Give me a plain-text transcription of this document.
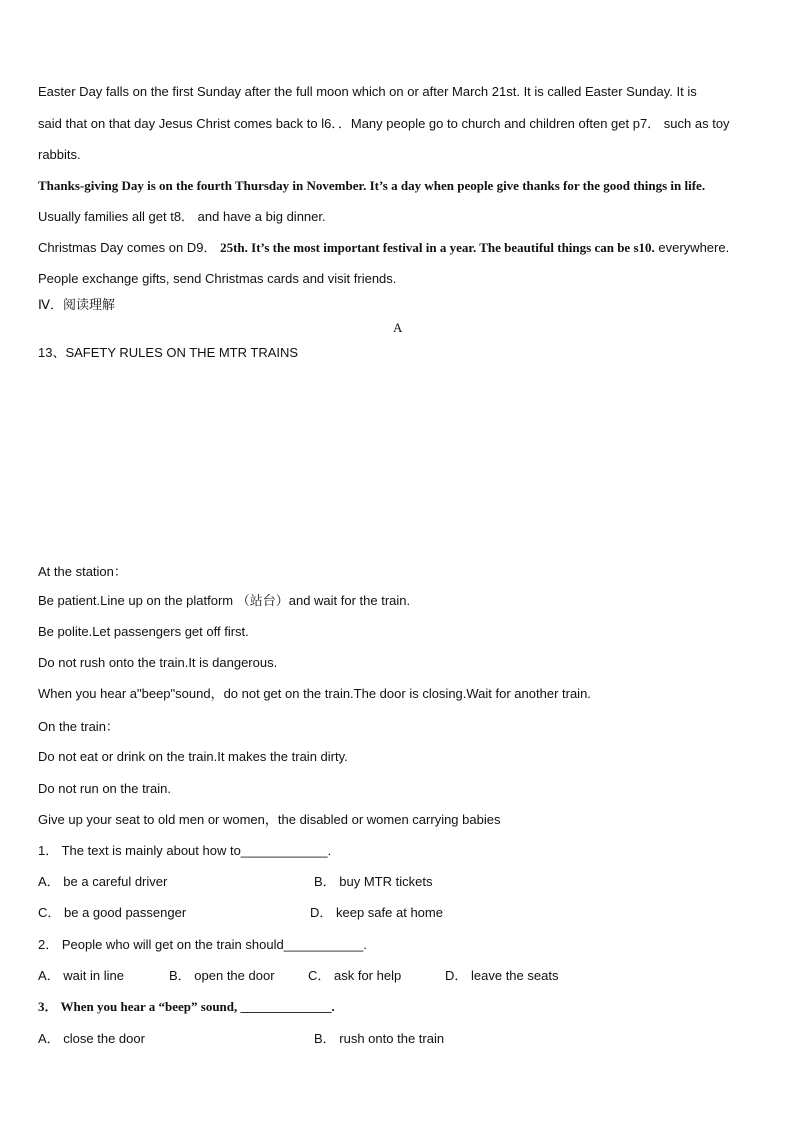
Easter Day falls on the first Sunday after the full moon which on or after March 21st. It is called Easter Sunday. It is
said that on that day Jesus Christ comes back to l6．．Many people go to church and children often get p7． such as toy
rabbits.
Thanks-giving Day is on the fourth Thursday in November. It’s a day when people give thanks for the good things in life.
Usually families all get t8． and have a big dinner.
Christmas Day comes on D9． 25th. It’s the most important festival in a year. The beautiful things can be s10. everywhere.
People exchange gifts, send Christmas cards and visit friends.
Ⅳ．阅读理解
A
13、SAFETY RULES ON THE MTR TRAINS
At the station：
Be patient.Line up on the platform （站台）and wait for the train.
Be polite.Let passengers get off first.
Do not rush onto the train.It is dangerous.
When you hear a"beep"sound，do not get on the train.The door is closing.Wait for another train.
On the train：
Do not eat or drink on the train.It makes the train dirty.
Do not run on the train.
Give up your seat to old men or women，the disabled or women carrying babies
1． The text is mainly about how to____________.
A． be a careful driver	B． buy MTR tickets
C． be a good passenger	D． keep safe at home
2． People who will get on the train should___________.
A． wait in line	B． open the door	C． ask for help	D． leave the seats
3． When you hear a “beep” sound, ______________.
A． close the door	B． rush onto the train
